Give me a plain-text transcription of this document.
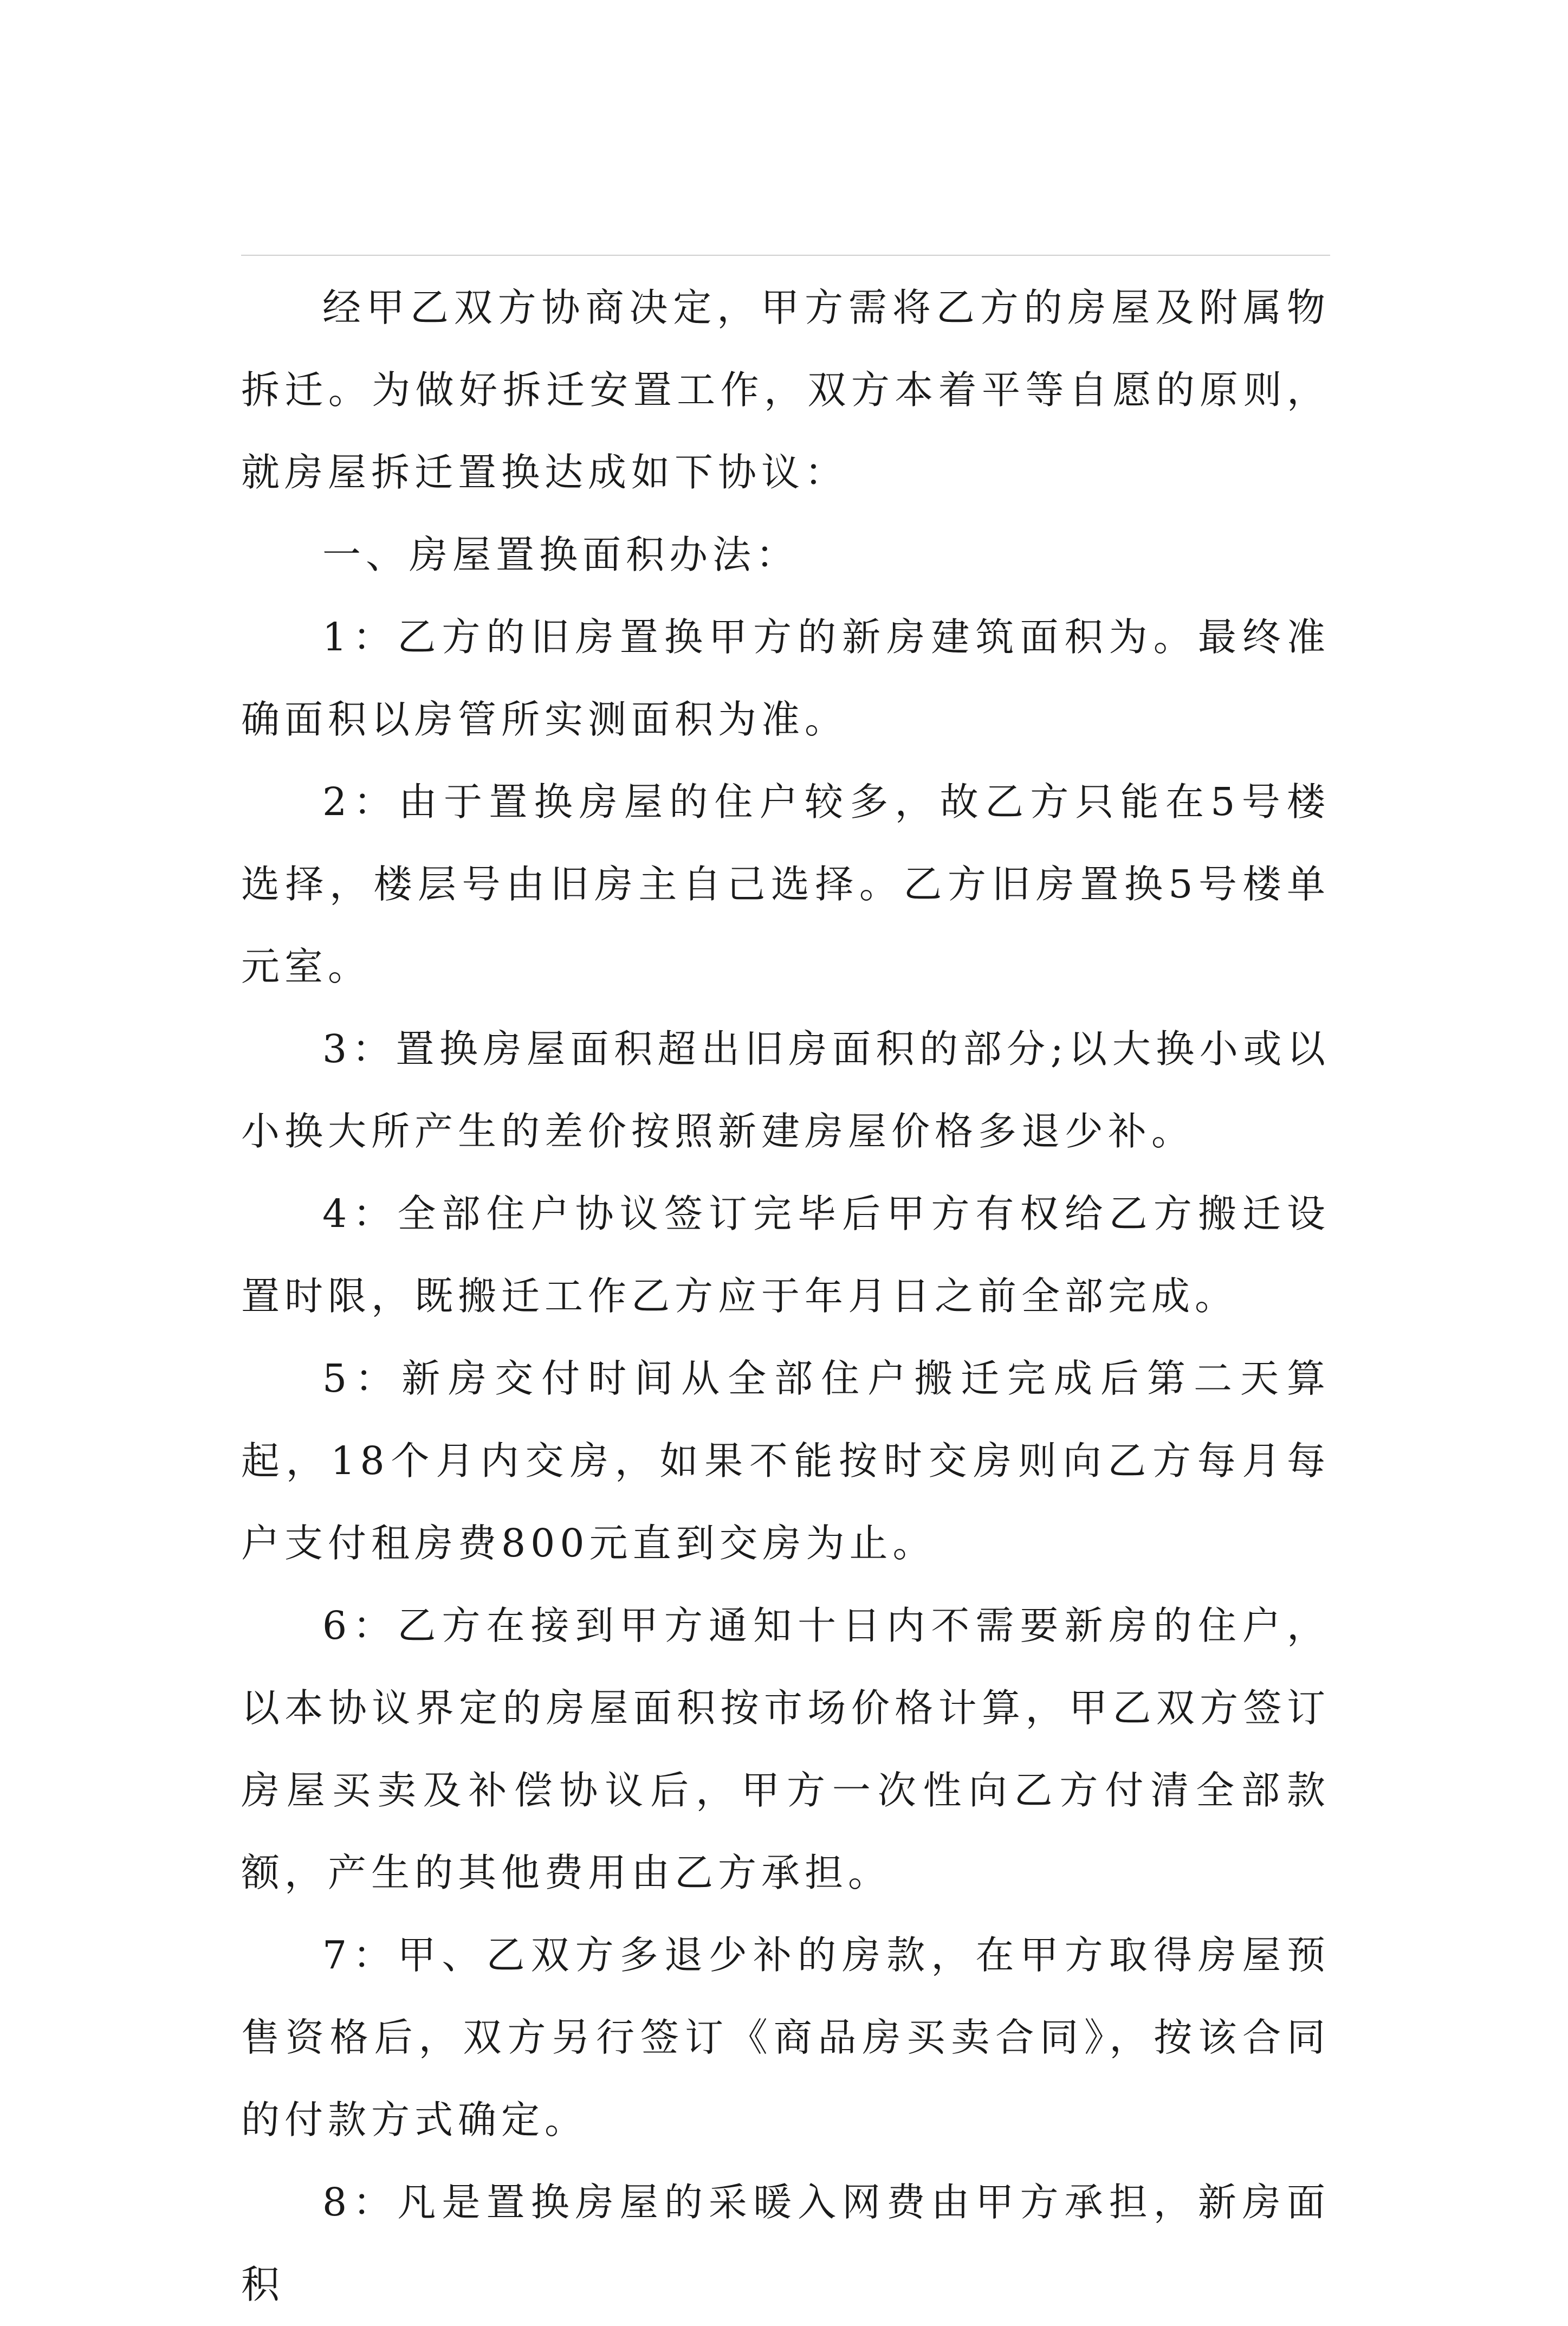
经甲乙双方协商决定，甲方需将乙方的房屋及附属物拆迁。为做好拆迁安置工作，双方本着平等自愿的原则，就房屋拆迁置换达成如下协议：

一、房屋置换面积办法：

1：乙方的旧房置换甲方的新房建筑面积为。最终准确面积以房管所实测面积为准。

2：由于置换房屋的住户较多，故乙方只能在5号楼选择，楼层号由旧房主自己选择。乙方旧房置换5号楼单元室。

3：置换房屋面积超出旧房面积的部分;以大换小或以小换大所产生的差价按照新建房屋价格多退少补。

4：全部住户协议签订完毕后甲方有权给乙方搬迁设置时限，既搬迁工作乙方应于年月日之前全部完成。

5：新房交付时间从全部住户搬迁完成后第二天算起，18个月内交房，如果不能按时交房则向乙方每月每户支付租房费800元直到交房为止。

6：乙方在接到甲方通知十日内不需要新房的住户，以本协议界定的房屋面积按市场价格计算，甲乙双方签订房屋买卖及补偿协议后，甲方一次性向乙方付清全部款额，产生的其他费用由乙方承担。

7：甲、乙双方多退少补的房款，在甲方取得房屋预售资格后，双方另行签订《商品房买卖合同》，按该合同的付款方式确定。

8：凡是置换房屋的采暖入网费由甲方承担，新房面积
